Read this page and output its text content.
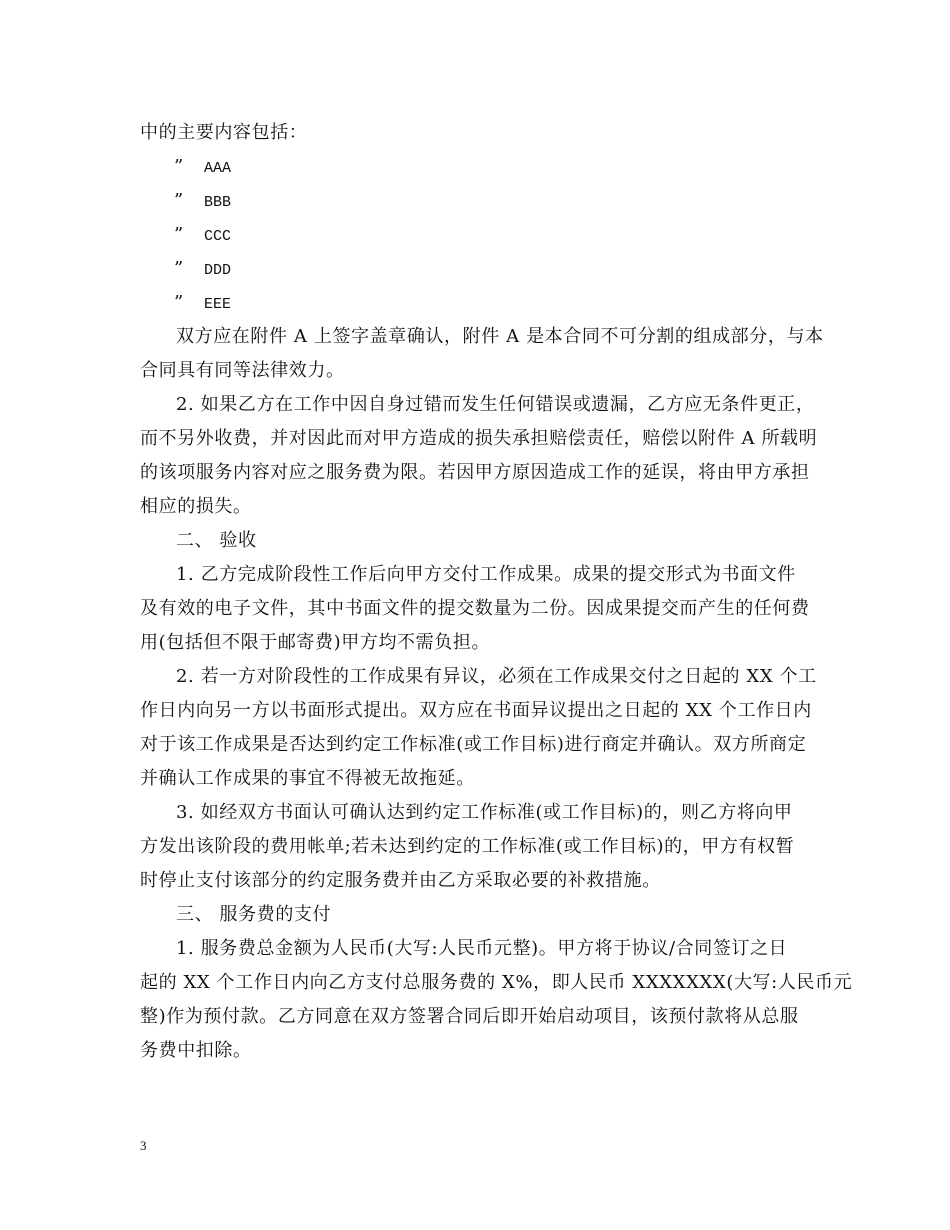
中的主要内容包括：
” AAA
” BBB
” CCC
” DDD
” EEE
双方应在附件 A 上签字盖章确认，附件 A 是本合同不可分割的组成部分，与本
合同具有同等法律效力。
2. 如果乙方在工作中因自身过错而发生任何错误或遗漏，乙方应无条件更正，
而不另外收费，并对因此而对甲方造成的损失承担赔偿责任，赔偿以附件 A 所载明
的该项服务内容对应之服务费为限。若因甲方原因造成工作的延误，将由甲方承担
相应的损失。
二、 验收
1. 乙方完成阶段性工作后向甲方交付工作成果。成果的提交形式为书面文件
及有效的电子文件，其中书面文件的提交数量为二份。因成果提交而产生的任何费
用(包括但不限于邮寄费)甲方均不需负担。
2. 若一方对阶段性的工作成果有异议，必须在工作成果交付之日起的 XX 个工
作日内向另一方以书面形式提出。双方应在书面异议提出之日起的 XX 个工作日内
对于该工作成果是否达到约定工作标准(或工作目标)进行商定并确认。双方所商定
并确认工作成果的事宜不得被无故拖延。
3. 如经双方书面认可确认达到约定工作标准(或工作目标)的，则乙方将向甲
方发出该阶段的费用帐单;若未达到约定的工作标准(或工作目标)的，甲方有权暂
时停止支付该部分的约定服务费并由乙方采取必要的补救措施。
三、 服务费的支付
1. 服务费总金额为人民币(大写:人民币元整)。甲方将于协议/合同签订之日
起的 XX 个工作日内向乙方支付总服务费的 X%，即人民币 XXXXXXX(大写:人民币元
整)作为预付款。乙方同意在双方签署合同后即开始启动项目，该预付款将从总服
务费中扣除。
3
